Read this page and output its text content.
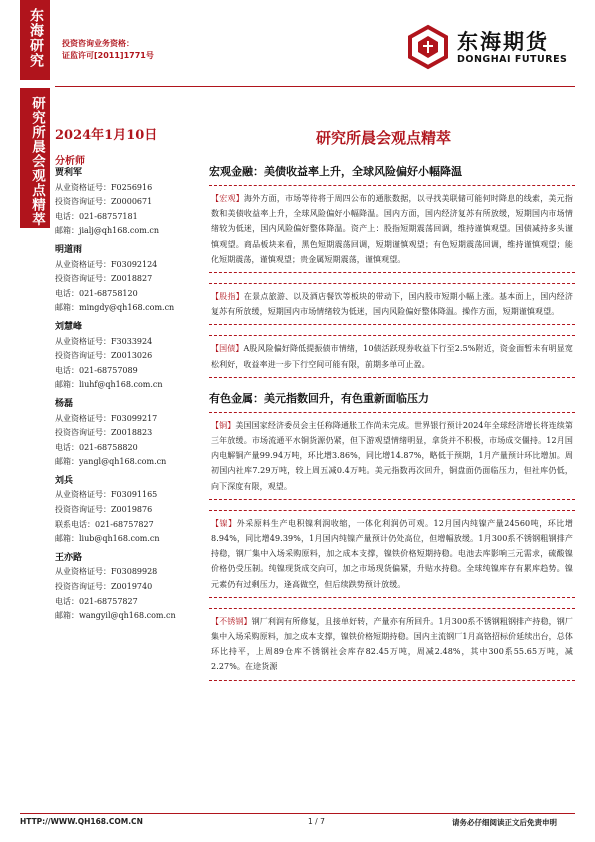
东海研究
研究所晨会观点精萃
投资咨询业务资格：
证监许可[2011]1771号
东海期货
DONGHAI FUTURES
2024年1月10日	研究所晨会观点精萃
分析师
贾利军
从业资格证号：F0256916
投资咨询证号：Z0000671
电话：021-68757181
邮箱：jialj@qh168.com.cn
明道雨
从业资格证号：F03092124
投资咨询证号：Z0018827
电话：021-68758120
邮箱：mingdy@qh168.com.cn
刘慧峰
从业资格证号：F3033924
投资咨询证号：Z0013026
电话：021-68757089
邮箱：liuhf@qh168.com.cn
杨磊
从业资格证号：F03099217
投资咨询证号：Z0018823
电话：021-68758820
邮箱：yangl@qh168.com.cn
刘兵
从业资格证号：F03091165
投资咨询证号：Z0019876
联系电话：021-68757827
邮箱：liub@qh168.com.cn
王亦路
从业资格证号：F03089928
投资咨询证号：Z0019740
电话：021-68757827
邮箱：wangyil@qh168.com.cn
宏观金融：美债收益率上升，全球风险偏好小幅降温
【宏观】海外方面，市场等待将于周四公布的通胀数据，以寻找美联储可能何时降息的线索，美元指数和美债收益率上升，全球风险偏好小幅降温。国内方面，国内经济复苏有所放缓，短期国内市场情绪较为低迷，国内风险偏好整体降温。资产上：股指短期震荡回调，维持谨慎观望。国债减持多头谨慎观望。商品板块来看，黑色短期震荡回调，短期谨慎观望；有色短期震荡回调，维持谨慎观望；能化短期震荡，谨慎观望；贵金属短期震荡，谨慎观望。
【股指】在景点旅游、以及酒店餐饮等板块的带动下，国内股市短期小幅上涨。基本面上，国内经济复苏有所放缓，短期国内市场情绪较为低迷，国内风险偏好整体降温。操作方面，短期谨慎观望。
【国债】A股风险偏好降低提振债市情绪，10债活跃现券收益下行至2.5%附近，资金面暂未有明显宽松利好，收益率进一步下行空间可能有限，前期多单可止盈。
有色金属：美元指数回升，有色重新面临压力
【铜】美国国家经济委员会主任称降通胀工作尚未完成。世界银行预计2024年全球经济增长将连续第三年放缓。市场流通平水铜货源仍紧，但下游观望情绪明显，拿货并不积极，市场成交僵持。12月国内电解铜产量99.94万吨，环比增3.86%，同比增14.87%，略低于预期，1月产量预计环比增加。周初国内社库7.29万吨，较上周五减0.4万吨。美元指数再次回升，铜盘面仍面临压力，但社库仍低，向下深度有限，观望。
【镍】外采原料生产电积镍利润收缩，一体化利润仍可观。12月国内纯镍产量24560吨，环比增8.94%，同比增49.39%，1月国内纯镍产量预计仍处高位，但增幅放缓。1月300系不锈钢粗钢排产持稳，钢厂集中入场采购原料，加之成本支撑，镍铁价格短期持稳。电池去库影响三元需求，硫酸镍价格仍受压制。纯镍现货成交向可，加之市场现货偏紧，升贴水持稳。全球纯镍库存有累库趋势。镍元素仍有过剩压力，逢高做空，但后续跌势预计放缓。
【不锈钢】钢厂利润有所修复，且接单好转，产量亦有所回升。1月300系不锈钢粗钢排产持稳，钢厂集中入场采购原料，加之成本支撑，镍铁价格短期持稳。国内主流钢厂1月高铬招标价延续出台，总体环比持平，上周89仓库不锈钢社会库存82.45万吨，周减2.48%，其中300系55.65万吨，减2.27%。在途货源
HTTP://WWW.QH168.COM.CN	1 / 7	请务必仔细阅读正文后免责申明
